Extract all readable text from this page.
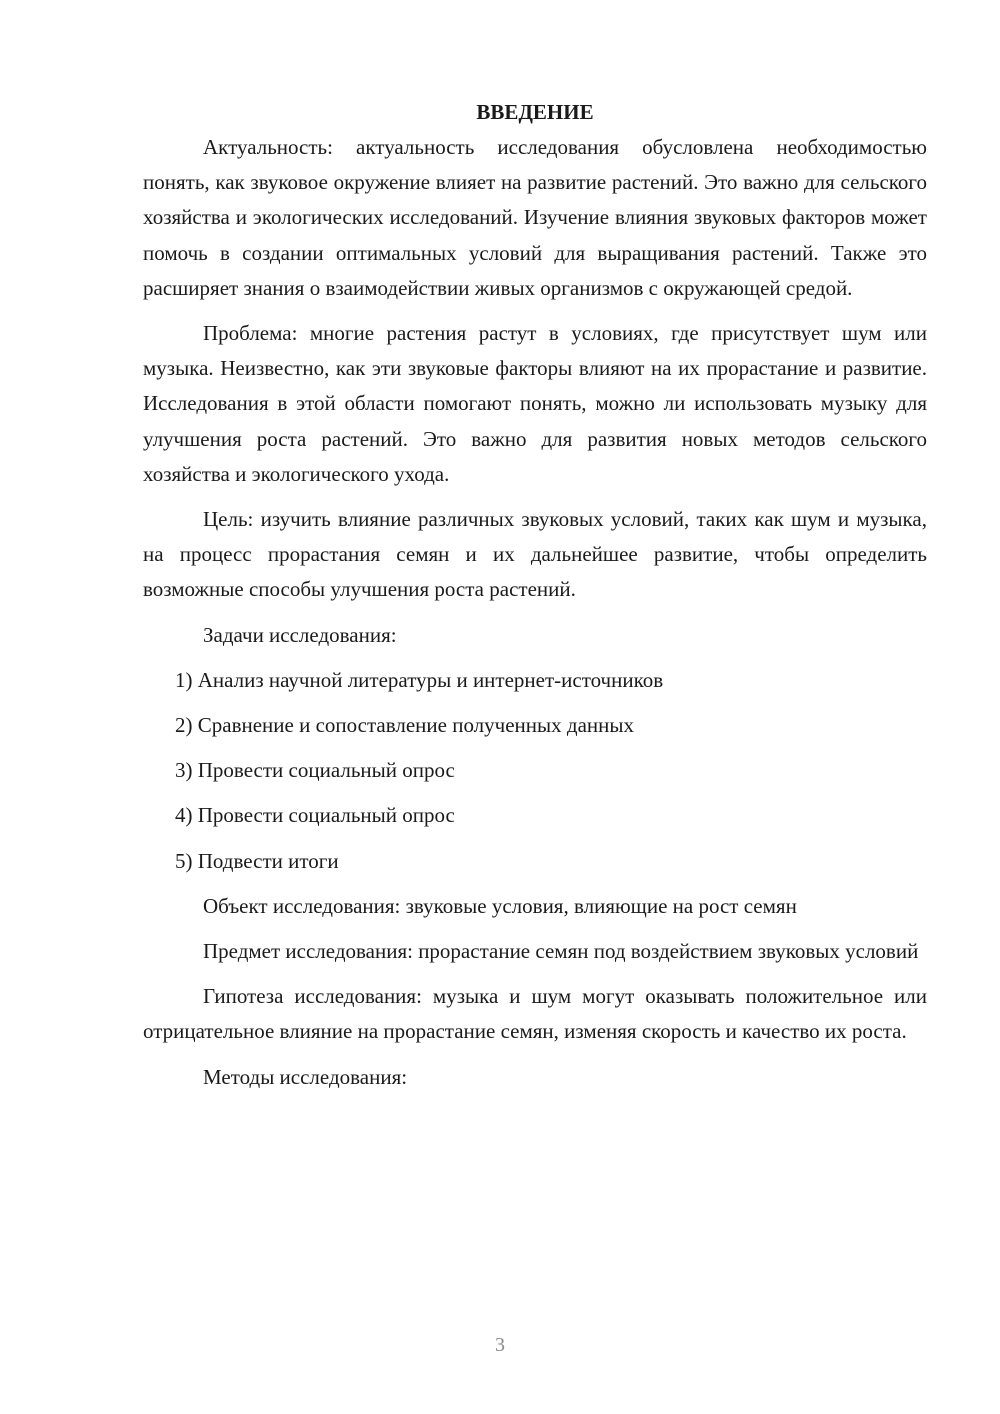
ВВЕДЕНИЕ

Актуальность: актуальность исследования обусловлена необходимостью понять, как звуковое окружение влияет на развитие растений. Это важно для сельского хозяйства и экологических исследований. Изучение влияния звуковых факторов может помочь в создании оптимальных условий для выращивания растений. Также это расширяет знания о взаимодействии живых организмов с окружающей средой.

Проблема: многие растения растут в условиях, где присутствует шум или музыка. Неизвестно, как эти звуковые факторы влияют на их прорастание и развитие. Исследования в этой области помогают понять, можно ли использовать музыку для улучшения роста растений. Это важно для развития новых методов сельского хозяйства и экологического ухода.

Цель: изучить влияние различных звуковых условий, таких как шум и музыка, на процесс прорастания семян и их дальнейшее развитие, чтобы определить возможные способы улучшения роста растений.

Задачи исследования:

1) Анализ научной литературы и интернет-источников
2) Сравнение и сопоставление полученных данных
3) Провести социальный опрос
4) Провести социальный опрос
5) Подвести итоги

Объект исследования: звуковые условия, влияющие на рост семян

Предмет исследования: прорастание семян под воздействием звуковых условий

Гипотеза исследования: музыка и шум могут оказывать положительное или отрицательное влияние на прорастание семян, изменяя скорость и качество их роста.

Методы исследования:

3
